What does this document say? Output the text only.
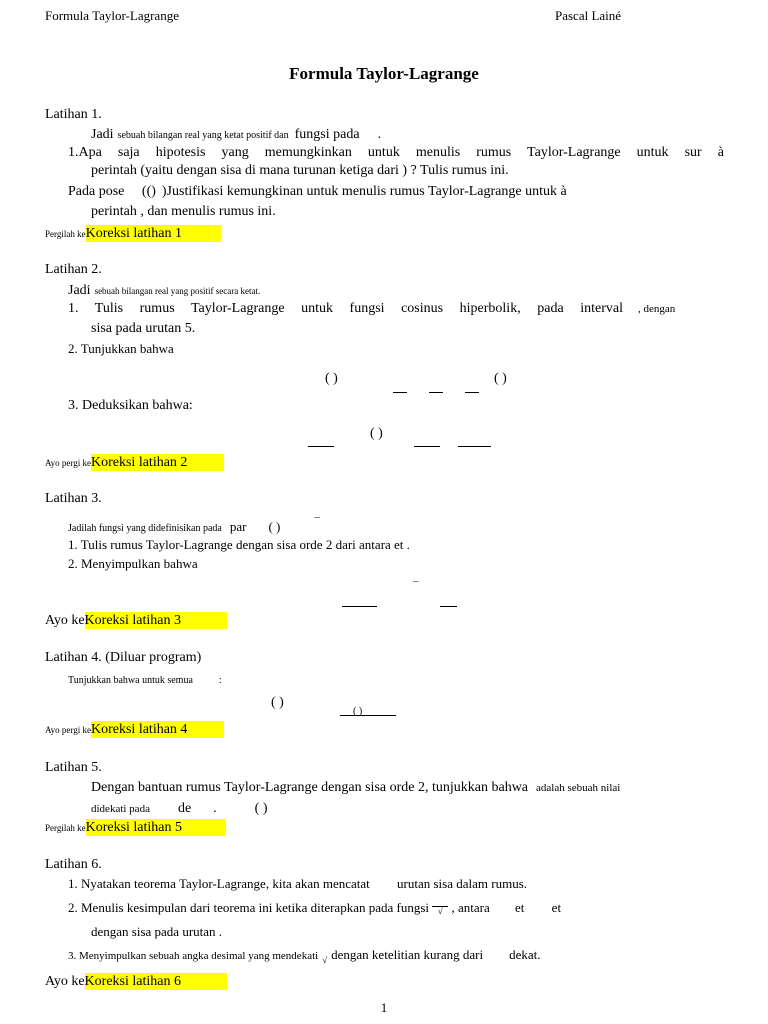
Formula Taylor-Lagrange	Pascal Lainé
Formula Taylor-Lagrange
Latihan 1.
Jadi sebuah bilangan real yang ketat positif dan fungsi pada .
1.Apa saja hipotesis yang memungkinkan untuk menulis rumus Taylor-Lagrange untuk sur à
perintah (yaitu dengan sisa di mana turunan ketiga dari ) ? Tulis rumus ini.
Pada pose (() )Justifikasi kemungkinan untuk menulis rumus Taylor-Lagrange untuk à
perintah , dan menulis rumus ini.
Pergilah keKoreksi latihan 1
Latihan 2.
Jadi sebuah bilangan real yang positif secara ketat.
1. Tulis rumus Taylor-Lagrange untuk fungsi cosinus hiperbolik, pada interval , dengan
sisa pada urutan 5.
2. Tunjukkan bahwa
( )
	( )
3. Deduksikan bahwa:
( )
Ayo pergi keKoreksi latihan 2
Latihan 3.
Jadilah fungsi yang didefinisikan pada par ( )	¯
1. Tulis rumus Taylor-Lagrange dengan sisa orde 2 dari antara et .
2. Menyimpulkan bahwa
¯
Ayo keKoreksi latihan 3
Latihan 4. (Diluar program)
Tunjukkan bahwa untuk semua	:
( )
( )
Ayo pergi keKoreksi latihan 4
Latihan 5.
Dengan bantuan rumus Taylor-Lagrange dengan sisa orde 2, tunjukkan bahwa adalah sebuah nilai
didekati pada de .	( )
Pergilah keKoreksi latihan 5
Latihan 6.
1. Nyatakan teorema Taylor-Lagrange, kita akan mencatat urutan sisa dalam rumus.
2. Menulis kesimpulan dari teorema ini ketika diterapkan pada fungsi √ , antara et et
dengan sisa pada urutan .
3. Menyimpulkan sebuah angka desimal yang mendekati $_√$ dengan ketelitian kurang dari dekat.
Ayo keKoreksi latihan 6
1
